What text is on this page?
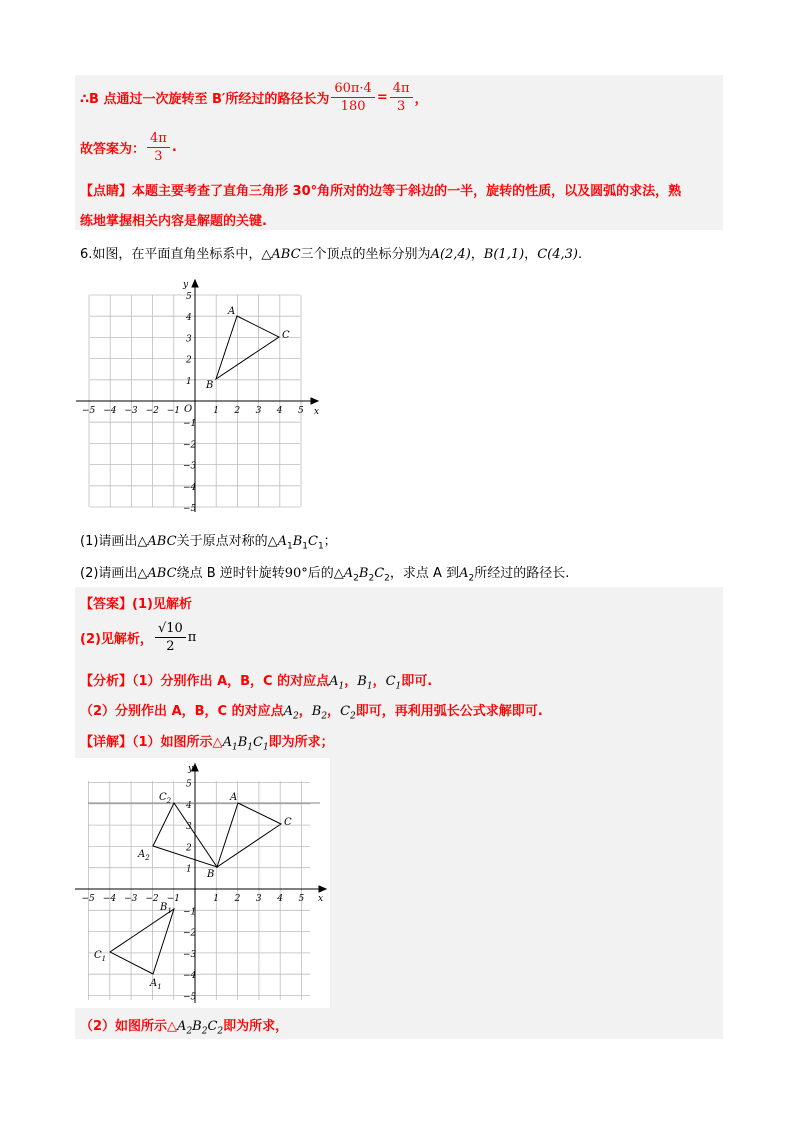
∴B 点通过一次旋转至 B′所经过的路径长为 $\frac{60\pi\cdot 4}{180} = \frac{4\pi}{3}$ ，
故答案为： $\frac{4\pi}{3}$ .
【点睛】本题主要考查了直角三角形 30°角所对的边等于斜边的一半，旋转的性质，以及圆弧的求法，熟
练地掌握相关内容是解题的关键.
6.如图，在平面直角坐标系中，△ABC三个顶点的坐标分别为A(2,4)，B(1,1)，C(4,3).
−5 −4 −3 −2 −1	1 2 3 4 5
5
4
3
2
1
−1
−2
−3
−4
−5
A
B
C
x
y
O
(1)请画出△ABC关于原点对称的$\triangle A_1B_1C_1$；
(2)请画出△ABC绕点 B 逆时针旋转90°后的$\triangle A_2B_2C_2$，求点 A 到$A_2$所经过的路径长.
【答案】(1)见解析
(2)见解析， $\frac{√10}{2}$ π
【分析】（1）分别作出 A，B，C 的对应点$A_1$，$B_1$，$C_1$即可.
（2）分别作出 A，B，C 的对应点$A_2$，$B_2$，$C_2$即可，再利用弧长公式求解即可.
【详解】（1）如图所示$\triangle A_1B_1C_1$即为所求；
−5 −4 −3 −2 −1	1 2 3 4 5
5
4
3
2
1
−1
−2
−3
−4
−5
A
B
C
$C_2$
$A_2$
$B_1$
$C_1$
$A_1$
x
y
（2）如图所示$\triangle A_2B_2C_2$即为所求，
